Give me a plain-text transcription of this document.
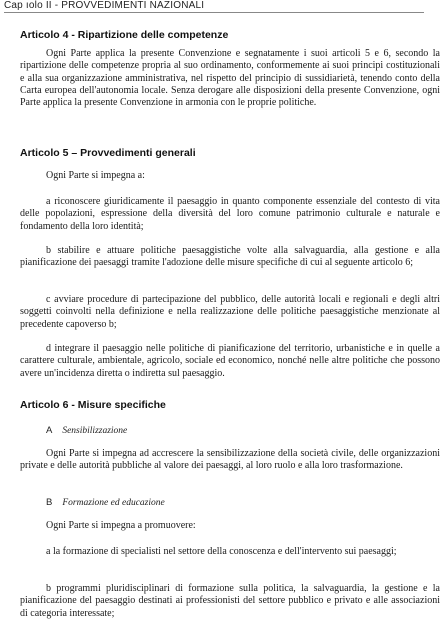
Cap ıolo II - PROVVEDIMENTI NAZIONALI
Articolo 4 - Ripartizione delle competenze
Ogni Parte applica la presente Convenzione e segnatamente i suoi articoli 5 e 6, secondo la ripartizione delle competenze propria al suo ordinamento, conformemente ai suoi principi costituzionali e alla sua organizzazione amministrativa, nel rispetto del principio di sussidiarietà, tenendo conto della Carta europea dell'autonomia locale. Senza derogare alle disposizioni della presente Convenzione, ogni Parte applica la presente Convenzione in armonia con le proprie politiche.
Articolo 5 – Provvedimenti generali
Ogni Parte si impegna a:
a riconoscere giuridicamente il paesaggio in quanto componente essenziale del contesto di vita delle popolazioni, espressione della diversità del loro comune patrimonio culturale e naturale e fondamento della loro identità;
b stabilire e attuare politiche paesaggistiche volte alla salvaguardia, alla gestione e alla pianificazione dei paesaggi tramite l'adozione delle misure specifiche di cui al seguente articolo 6;
c avviare procedure di partecipazione del pubblico, delle autorità locali e regionali e degli altri soggetti coinvolti nella definizione e nella realizzazione delle politiche paesaggistiche menzionate al precedente capoverso b;
d integrare il paesaggio nelle politiche di pianificazione del territorio, urbanistiche e in quelle a carattere culturale, ambientale, agricolo, sociale ed economico, nonché nelle altre politiche che possono avere un'incidenza diretta o indiretta sul paesaggio.
Articolo 6 - Misure specifiche
A Sensibilizzazione
Ogni Parte si impegna ad accrescere la sensibilizzazione della società civile, delle organizzazioni private e delle autorità pubbliche al valore dei paesaggi, al loro ruolo e alla loro trasformazione.
B Formazione ed educazione
Ogni Parte si impegna a promuovere:
a la formazione di specialisti nel settore della conoscenza e dell'intervento sui paesaggi;
b programmi pluridisciplinari di formazione sulla politica, la salvaguardia, la gestione e la pianificazione del paesaggio destinati ai professionisti del settore pubblico e privato e alle associazioni di categoria interessate;
